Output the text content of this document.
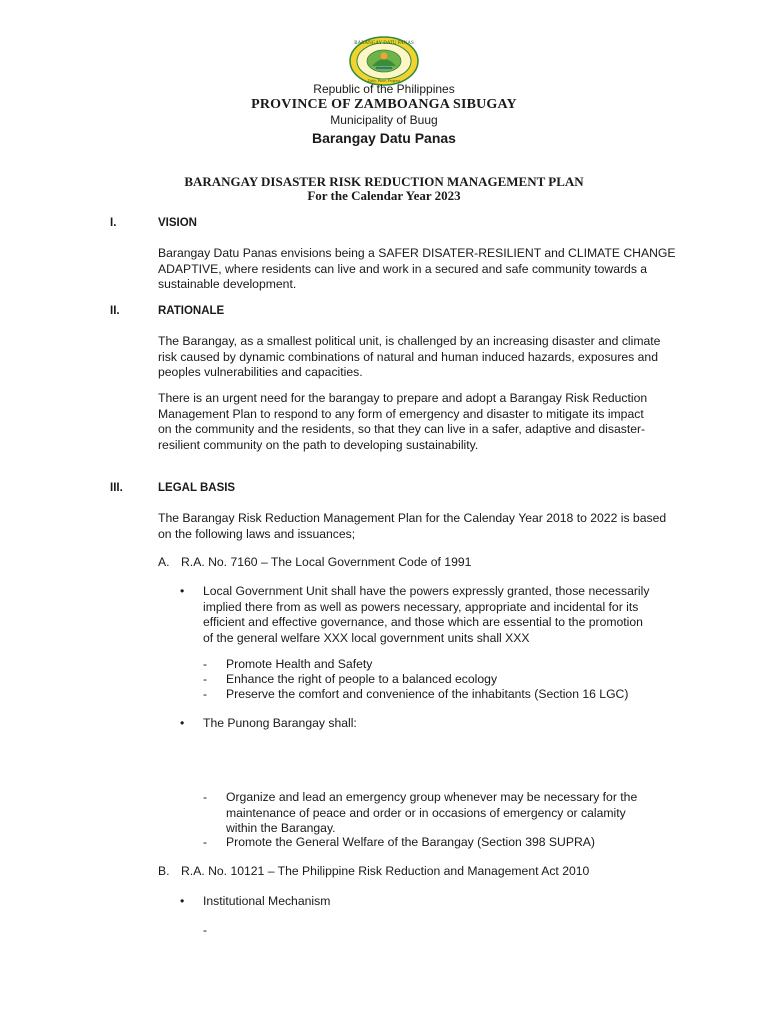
BARANGAY DATU PANAS
Unity, Peace, Progress
Republic of the Philippines
PROVINCE OF ZAMBOANGA SIBUGAY
Municipality of Buug
Barangay Datu Panas
BARANGAY DISASTER RISK REDUCTION MANAGEMENT PLAN
For the Calendar Year 2023
I.	VISION
Barangay Datu Panas envisions being a SAFER DISATER-RESILIENT and CLIMATE CHANGE
ADAPTIVE, where residents can live and work in a secured and safe community towards a
sustainable development.
II.	RATIONALE
The Barangay, as a smallest political unit, is challenged by an increasing disaster and climate
risk caused by dynamic combinations of natural and human induced hazards, exposures and
peoples vulnerabilities and capacities.
There is an urgent need for the barangay to prepare and adopt a Barangay Risk Reduction
Management Plan to respond to any form of emergency and disaster to mitigate its impact
on the community and the residents, so that they can live in a safer, adaptive and disaster-
resilient community on the path to developing sustainability.
III.	LEGAL BASIS
The Barangay Risk Reduction Management Plan for the Calenday Year 2018 to 2022 is based
on the following laws and issuances;
A. R.A. No. 7160 – The Local Government Code of 1991
• Local Government Unit shall have the powers expressly granted, those necessarily
implied there from as well as powers necessary, appropriate and incidental for its
efficient and effective governance, and those which are essential to the promotion
of the general welfare XXX local government units shall XXX
- Promote Health and Safety
- Enhance the right of people to a balanced ecology
- Preserve the comfort and convenience of the inhabitants (Section 16 LGC)
• The Punong Barangay shall:
- Organize and lead an emergency group whenever may be necessary for the
maintenance of peace and order or in occasions of emergency or calamity
within the Barangay.
- Promote the General Welfare of the Barangay (Section 398 SUPRA)
B. R.A. No. 10121 – The Philippine Risk Reduction and Management Act 2010
• Institutional Mechanism
-
